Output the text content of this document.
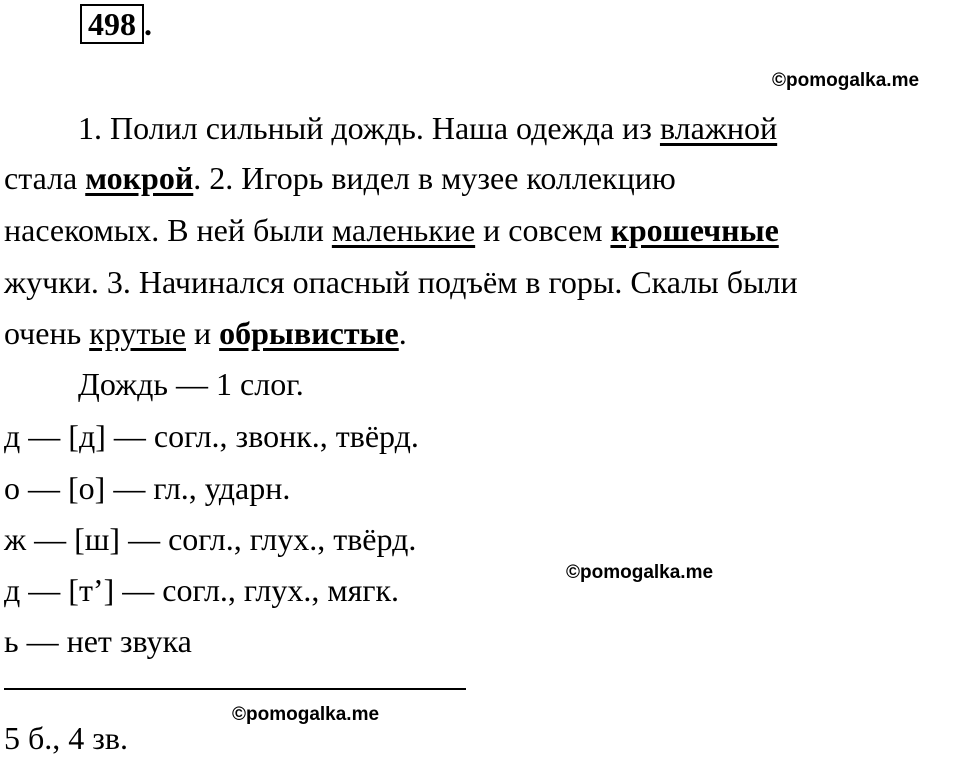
498 .
©pomogalka.me
©pomogalka.me
©pomogalka.me
1. Полил сильный дождь. Наша одежда из влажной
стала мокрой. 2. Игорь видел в музее коллекцию
насекомых. В ней были маленькие и совсем крошечные
жучки. 3. Начинался опасный подъём в горы. Скалы были
очень крутые и обрывистые.
Дождь — 1 слог.
д — [д] — согл., звонк., твёрд.
о — [о] — гл., ударн.
ж — [ш] — согл., глух., твёрд.
д — [т’] — согл., глух., мягк.
ь — нет звука
5 б., 4 зв.
